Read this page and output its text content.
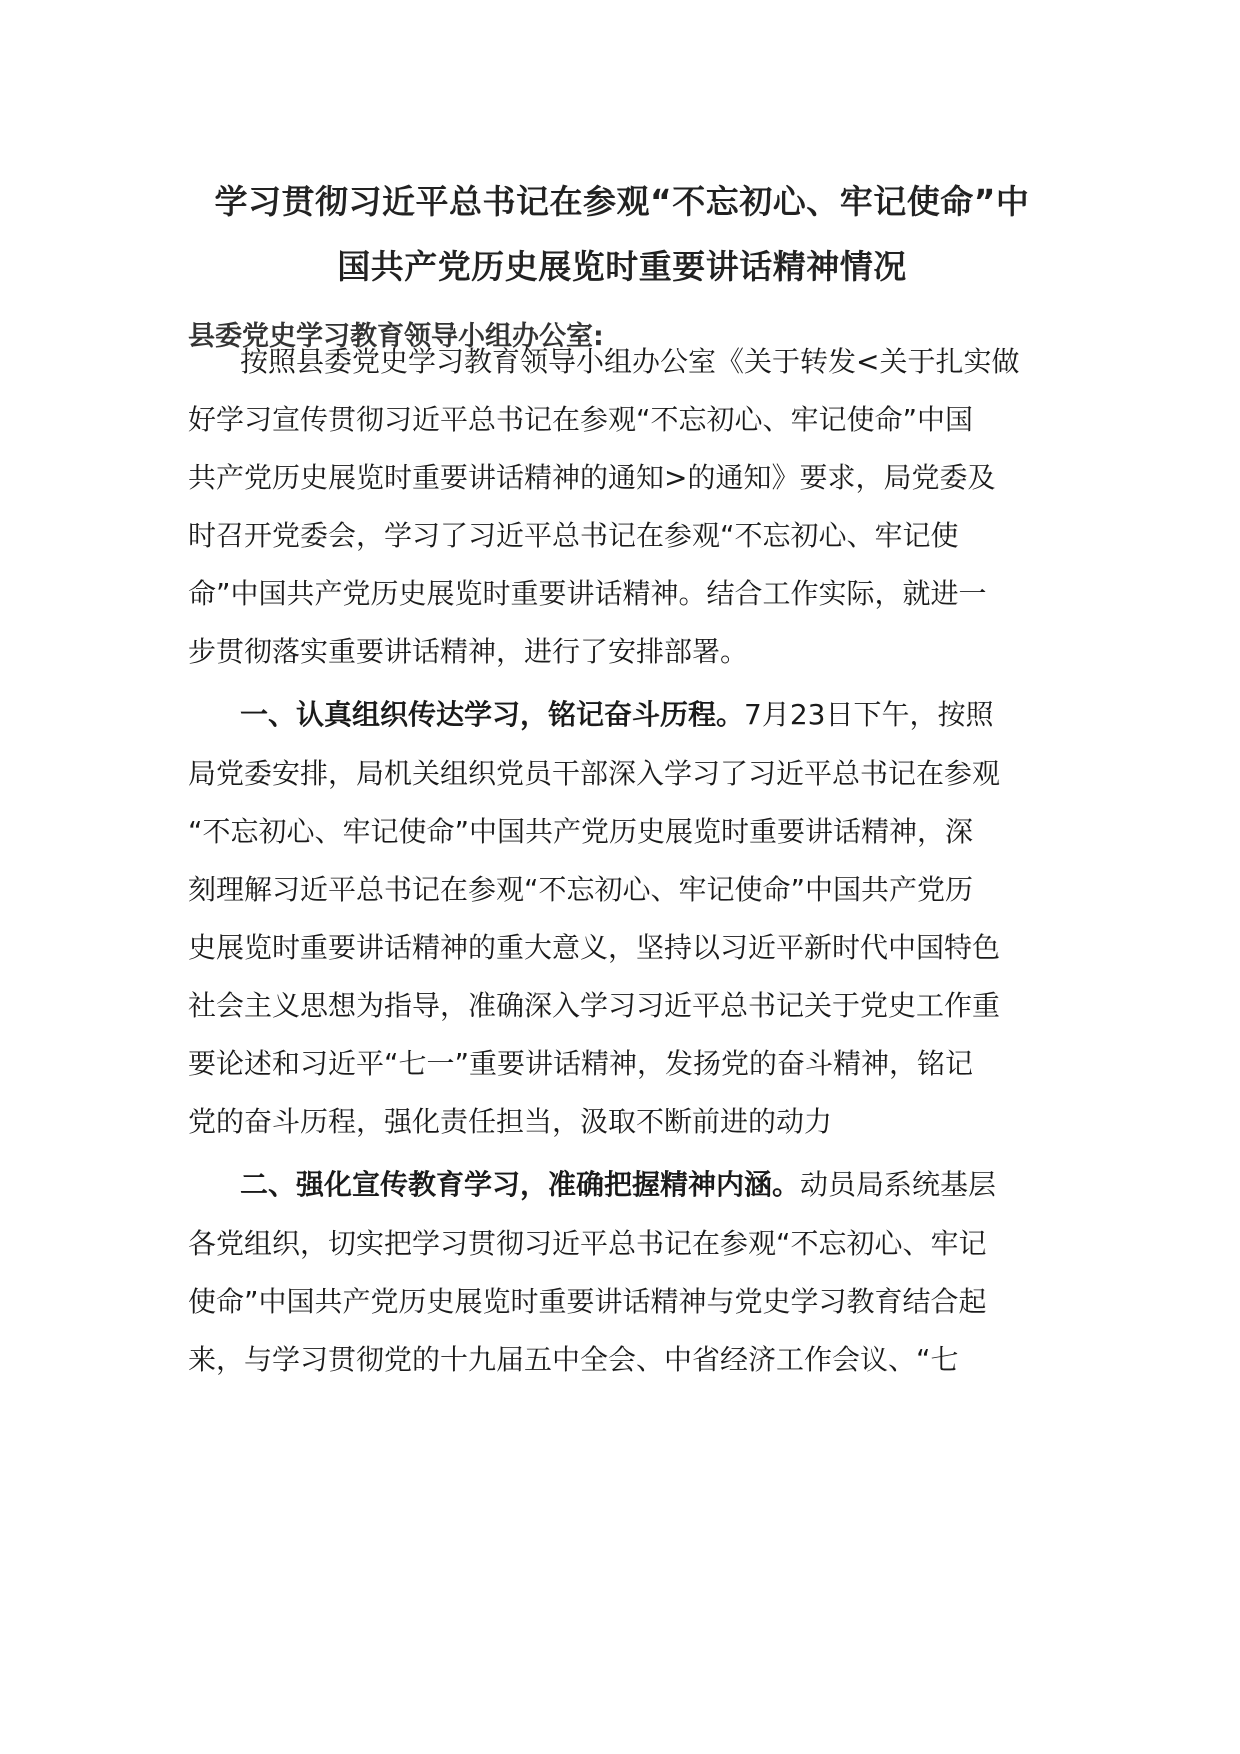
学习贯彻习近平总书记在参观“不忘初心、牢记使命”中
国共产党历史展览时重要讲话精神情况
县委党史学习教育领导小组办公室:
按照县委党史学习教育领导小组办公室《关于转发<关于扎实做
好学习宣传贯彻习近平总书记在参观“不忘初心、牢记使命”中国
共产党历史展览时重要讲话精神的通知>的通知》要求，局党委及
时召开党委会，学习了习近平总书记在参观“不忘初心、牢记使
命”中国共产党历史展览时重要讲话精神。结合工作实际，就进一
步贯彻落实重要讲话精神，进行了安排部署。
一、认真组织传达学习，铭记奋斗历程。7月23日下午，按照
局党委安排，局机关组织党员干部深入学习了习近平总书记在参观
“不忘初心、牢记使命”中国共产党历史展览时重要讲话精神，深
刻理解习近平总书记在参观“不忘初心、牢记使命”中国共产党历
史展览时重要讲话精神的重大意义，坚持以习近平新时代中国特色
社会主义思想为指导，准确深入学习习近平总书记关于党史工作重
要论述和习近平“七一”重要讲话精神，发扬党的奋斗精神，铭记
党的奋斗历程，强化责任担当，汲取不断前进的动力
二、强化宣传教育学习，准确把握精神内涵。动员局系统基层
各党组织，切实把学习贯彻习近平总书记在参观“不忘初心、牢记
使命”中国共产党历史展览时重要讲话精神与党史学习教育结合起
来，与学习贯彻党的十九届五中全会、中省经济工作会议、“七
